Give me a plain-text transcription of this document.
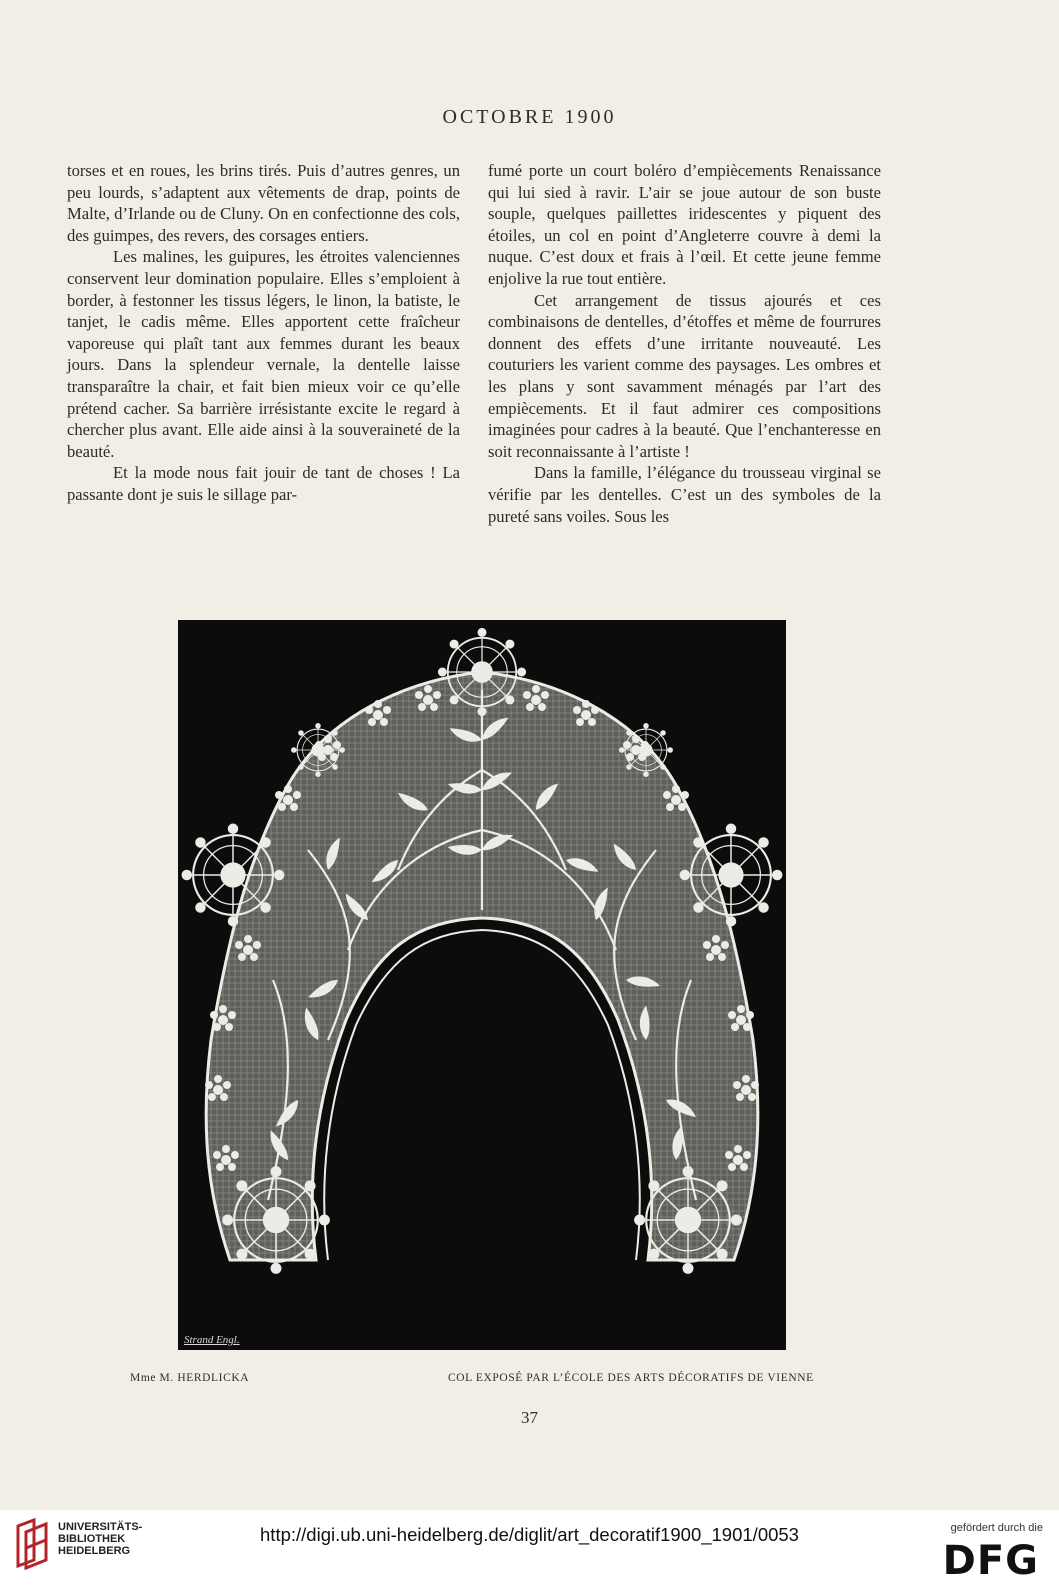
OCTOBRE 1900

torses et en roues, les brins tirés. Puis d’autres genres, un peu lourds, s’adaptent aux vêtements de drap, points de Malte, d’Irlande ou de Cluny. On en confectionne des cols, des guimpes, des revers, des corsages entiers.

Les malines, les guipures, les étroites valenciennes conservent leur domination populaire. Elles s’emploient à border, à festonner les tissus légers, le linon, la batiste, le tanjet, le cadis même. Elles apportent cette fraîcheur vaporeuse qui plaît tant aux femmes durant les beaux jours. Dans la splendeur vernale, la dentelle laisse transparaître la chair, et fait bien mieux voir ce qu’elle prétend cacher. Sa barrière irrésistante excite le regard à chercher plus avant. Elle aide ainsi à la souveraineté de la beauté.

Et la mode nous fait jouir de tant de choses ! La passante dont je suis le sillage par-

fumé porte un court boléro d’empiècements Renaissance qui lui sied à ravir. L’air se joue autour de son buste souple, quelques paillettes iridescentes y piquent des étoiles, un col en point d’Angleterre couvre à demi la nuque. C’est doux et frais à l’œil. Et cette jeune femme enjolive la rue tout entière.

Cet arrangement de tissus ajourés et ces combinaisons de dentelles, d’étoffes et même de fourrures donnent des effets d’une irritante nouveauté. Les couturiers les varient comme des paysages. Les ombres et les plans y sont savamment ménagés par l’art des empiècements. Et il faut admirer ces compositions imaginées pour cadres à la beauté. Que l’enchanteresse en soit reconnaissante à l’artiste !

Dans la famille, l’élégance du trousseau virginal se vérifie par les dentelles. C’est un des symboles de la pureté sans voiles. Sous les

Strand Engl.
Mme M. HERDLICKA	COL EXPOSÉ PAR L’ÉCOLE DES ARTS DÉCORATIFS DE VIENNE
37
UNIVERSITÄTS-
BIBLIOTHEK
HEIDELBERG
http://digi.ub.uni-heidelberg.de/diglit/art_decoratif1900_1901/0053	gefördert durch die
DFG
